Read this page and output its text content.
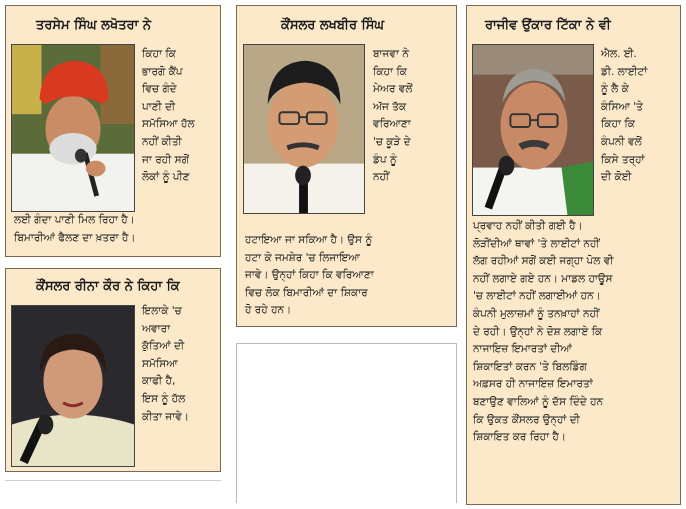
ਤਰਸੇਮ ਸਿੰਘ ਲਖੋਤਰਾ ਨੇ
ਕਿਹਾ ਕਿ
ਭਾਰਗੋ ਕੈਂਪ
ਵਿਚ ਗੰਦੇ
ਪਾਣੀ ਦੀ
ਸਮੱਸਿਆ ਹੱਲ
ਨਹੀਂ ਕੀਤੀ
ਜਾ ਰਹੀ ਸਗੋਂ
ਲੋਕਾਂ ਨੂੰ ਪੀਣ
ਲਈ ਗੰਦਾ ਪਾਣੀ ਮਿਲ ਰਿਹਾ ਹੈ।
ਬਿਮਾਰੀਆਂ ਫੈਲਣ ਦਾ ਖ਼ਤਰਾ ਹੈ।
ਕੌਂਸਲਰ ਲਖਬੀਰ ਸਿੰਘ
ਬਾਜਵਾ ਨੇ
ਕਿਹਾ ਕਿ
ਮੇਅਰ ਵਲੋਂ
ਅੱਜ ਤੱਕ
ਵਰਿਆਣਾ
'ਚ ਕੂੜੇ ਦੇ
ਡੰਪ ਨੂੰ
ਨਹੀਂ
ਹਟਾਇਆ ਜਾ ਸਕਿਆ ਹੈ। ਉਸ ਨੂੰ
ਹਟਾ ਕੇ ਜਮਸ਼ੇਰ 'ਚ ਲਿਜਾਇਆ
ਜਾਵੇ। ਉਨ੍ਹਾਂ ਕਿਹਾ ਕਿ ਵਰਿਆਣਾ
ਵਿਚ ਲੋਕ ਬਿਮਾਰੀਆਂ ਦਾ ਸ਼ਿਕਾਰ
ਹੋ ਰਹੇ ਹਨ।
ਰਾਜੀਵ ਉਂਕਾਰ ਟਿੱਕਾ ਨੇ ਵੀ
ਐਲ. ਈ.
ਡੀ. ਲਾਈਟਾਂ
ਨੂੰ ਲੈ ਕੇ
ਕੰਸਿਆ 'ਤੇ
ਕਿਹਾ ਕਿ
ਕੰਪਨੀ ਵਲੋਂ
ਕਿਸੇ ਤਰ੍ਹਾਂ
ਦੀ ਕੋਈ
ਪ੍ਰਵਾਹ ਨਹੀਂ ਕੀਤੀ ਗਈ ਹੈ।
ਲੋੜੀਂਦੀਆਂ ਥਾਵਾਂ 'ਤੇ ਲਾਈਟਾਂ ਨਹੀਂ
ਲੱਗ ਰਹੀਆਂ ਸਗੋਂ ਕਈ ਜਗ੍ਹਾ ਪੋਲ ਵੀ
ਨਹੀਂ ਲਗਾਏ ਗਏ ਹਨ। ਮਾਡਲ ਹਾਊਸ
'ਚ ਲਾਈਟਾਂ ਨਹੀਂ ਲਗਾਈਆਂ ਹਨ।
ਕੰਪਨੀ ਮੁਲਾਜ਼ਮਾਂ ਨੂੰ ਤਨਖ਼ਾਹਾਂ ਨਹੀਂ
ਦੇ ਰਹੀ। ਉਨ੍ਹਾਂ ਨੇ ਦੋਸ਼ ਲਗਾਏ ਕਿ
ਨਾਜਾਇਜ਼ ਇਮਾਰਤਾਂ ਦੀਆਂ
ਸ਼ਿਕਾਇਤਾਂ ਕਰਨ 'ਤੇ ਬਿਲਡਿੰਗ
ਅਫ਼ਸਰ ਹੀ ਨਾਜਾਇਜ਼ ਇਮਾਰਤਾਂ
ਬਣਾਉਣ ਵਾਲਿਆਂ ਨੂੰ ਦੱਸ ਦਿੰਦੇ ਹਨ
ਕਿ ਉਕਤ ਕੌਂਸਲਰ ਉਨ੍ਹਾਂ ਦੀ
ਸ਼ਿਕਾਇਤ ਕਰ ਰਿਹਾ ਹੈ।
ਕੌਂਸਲਰ ਰੀਨਾ ਕੌਰ ਨੇ ਕਿਹਾ ਕਿ
ਇਲਾਕੇ 'ਚ
ਅਵਾਰਾ
ਕੁੱਤਿਆਂ ਦੀ
ਸਮੱਸਿਆ
ਕਾਫੀ ਹੈ,
ਇਸ ਨੂੰ ਹੱਲ
ਕੀਤਾ ਜਾਵੇ।
